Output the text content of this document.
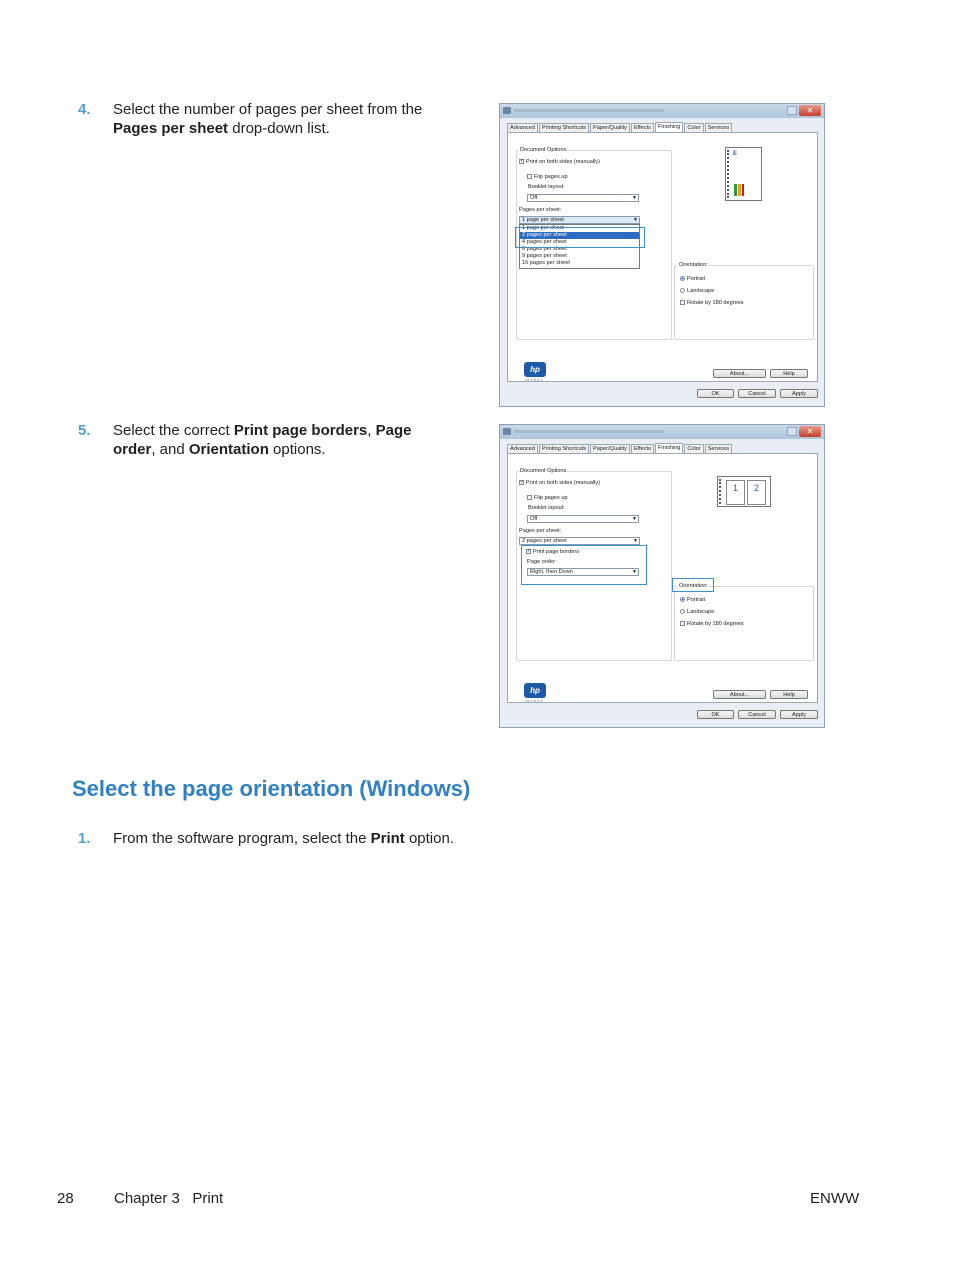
4. Select the number of pages per sheet from the Pages per sheet drop-down list.
✕
Advanced Printing Shortcuts Paper/Quality Effects Finishing Color Services
Document Options
✓ Print on both sides (manually)
Flip pages up
Booklet layout:
Off	▼
Pages per sheet:
1 page per sheet	▼
1 page per sheet
2 pages per sheet
4 pages per sheet
6 pages per sheet
9 pages per sheet
16 pages per sheet
E
Orientation:
Portrait
Landscape
Rotate by 180 degrees
hp
invent
About...	Help
OK	Cancel	Apply
5. Select the correct Print page borders, Page order, and Orientation options.
✕
Advanced Printing Shortcuts Paper/Quality Effects Finishing Color Services
Document Options
✓ Print on both sides (manually)
Flip pages up
Booklet layout:
Off	▼
Pages per sheet:
2 pages per sheet	▼
✓ Print page borders
Page order:
Right, then Down	▼
1	2
Orientation:
Portrait
Landscape
Rotate by 180 degrees
hp
invent
About...	Help
OK	Cancel	Apply
Select the page orientation (Windows)
1. From the software program, select the Print option.
28	Chapter 3   Print	ENWW
